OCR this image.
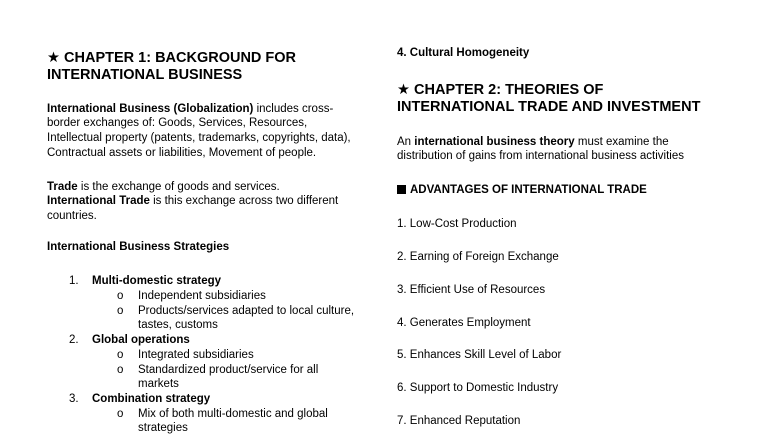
★ CHAPTER 1: BACKGROUND FOR
INTERNATIONAL BUSINESS
International Business (Globalization) includes cross-
border exchanges of: Goods, Services, Resources,
Intellectual property (patents, trademarks, copyrights, data),
Contractual assets or liabilities, Movement of people.
Trade is the exchange of goods and services.
International Trade is this exchange across two different
countries.
International Business Strategies
1. Multi-domestic strategy
o Independent subsidiaries
o Products/services adapted to local culture, tastes, customs
2. Global operations
o Integrated subsidiaries
o Standardized product/service for all markets
3. Combination strategy
o Mix of both multi-domestic and global strategies
4. Cultural Homogeneity
★ CHAPTER 2: THEORIES OF
INTERNATIONAL TRADE AND INVESTMENT
An international business theory must examine the
distribution of gains from international business activities
ADVANTAGES OF INTERNATIONAL TRADE
1. Low-Cost Production
2. Earning of Foreign Exchange
3. Efficient Use of Resources
4. Generates Employment
5. Enhances Skill Level of Labor
6. Support to Domestic Industry
7. Enhanced Reputation
